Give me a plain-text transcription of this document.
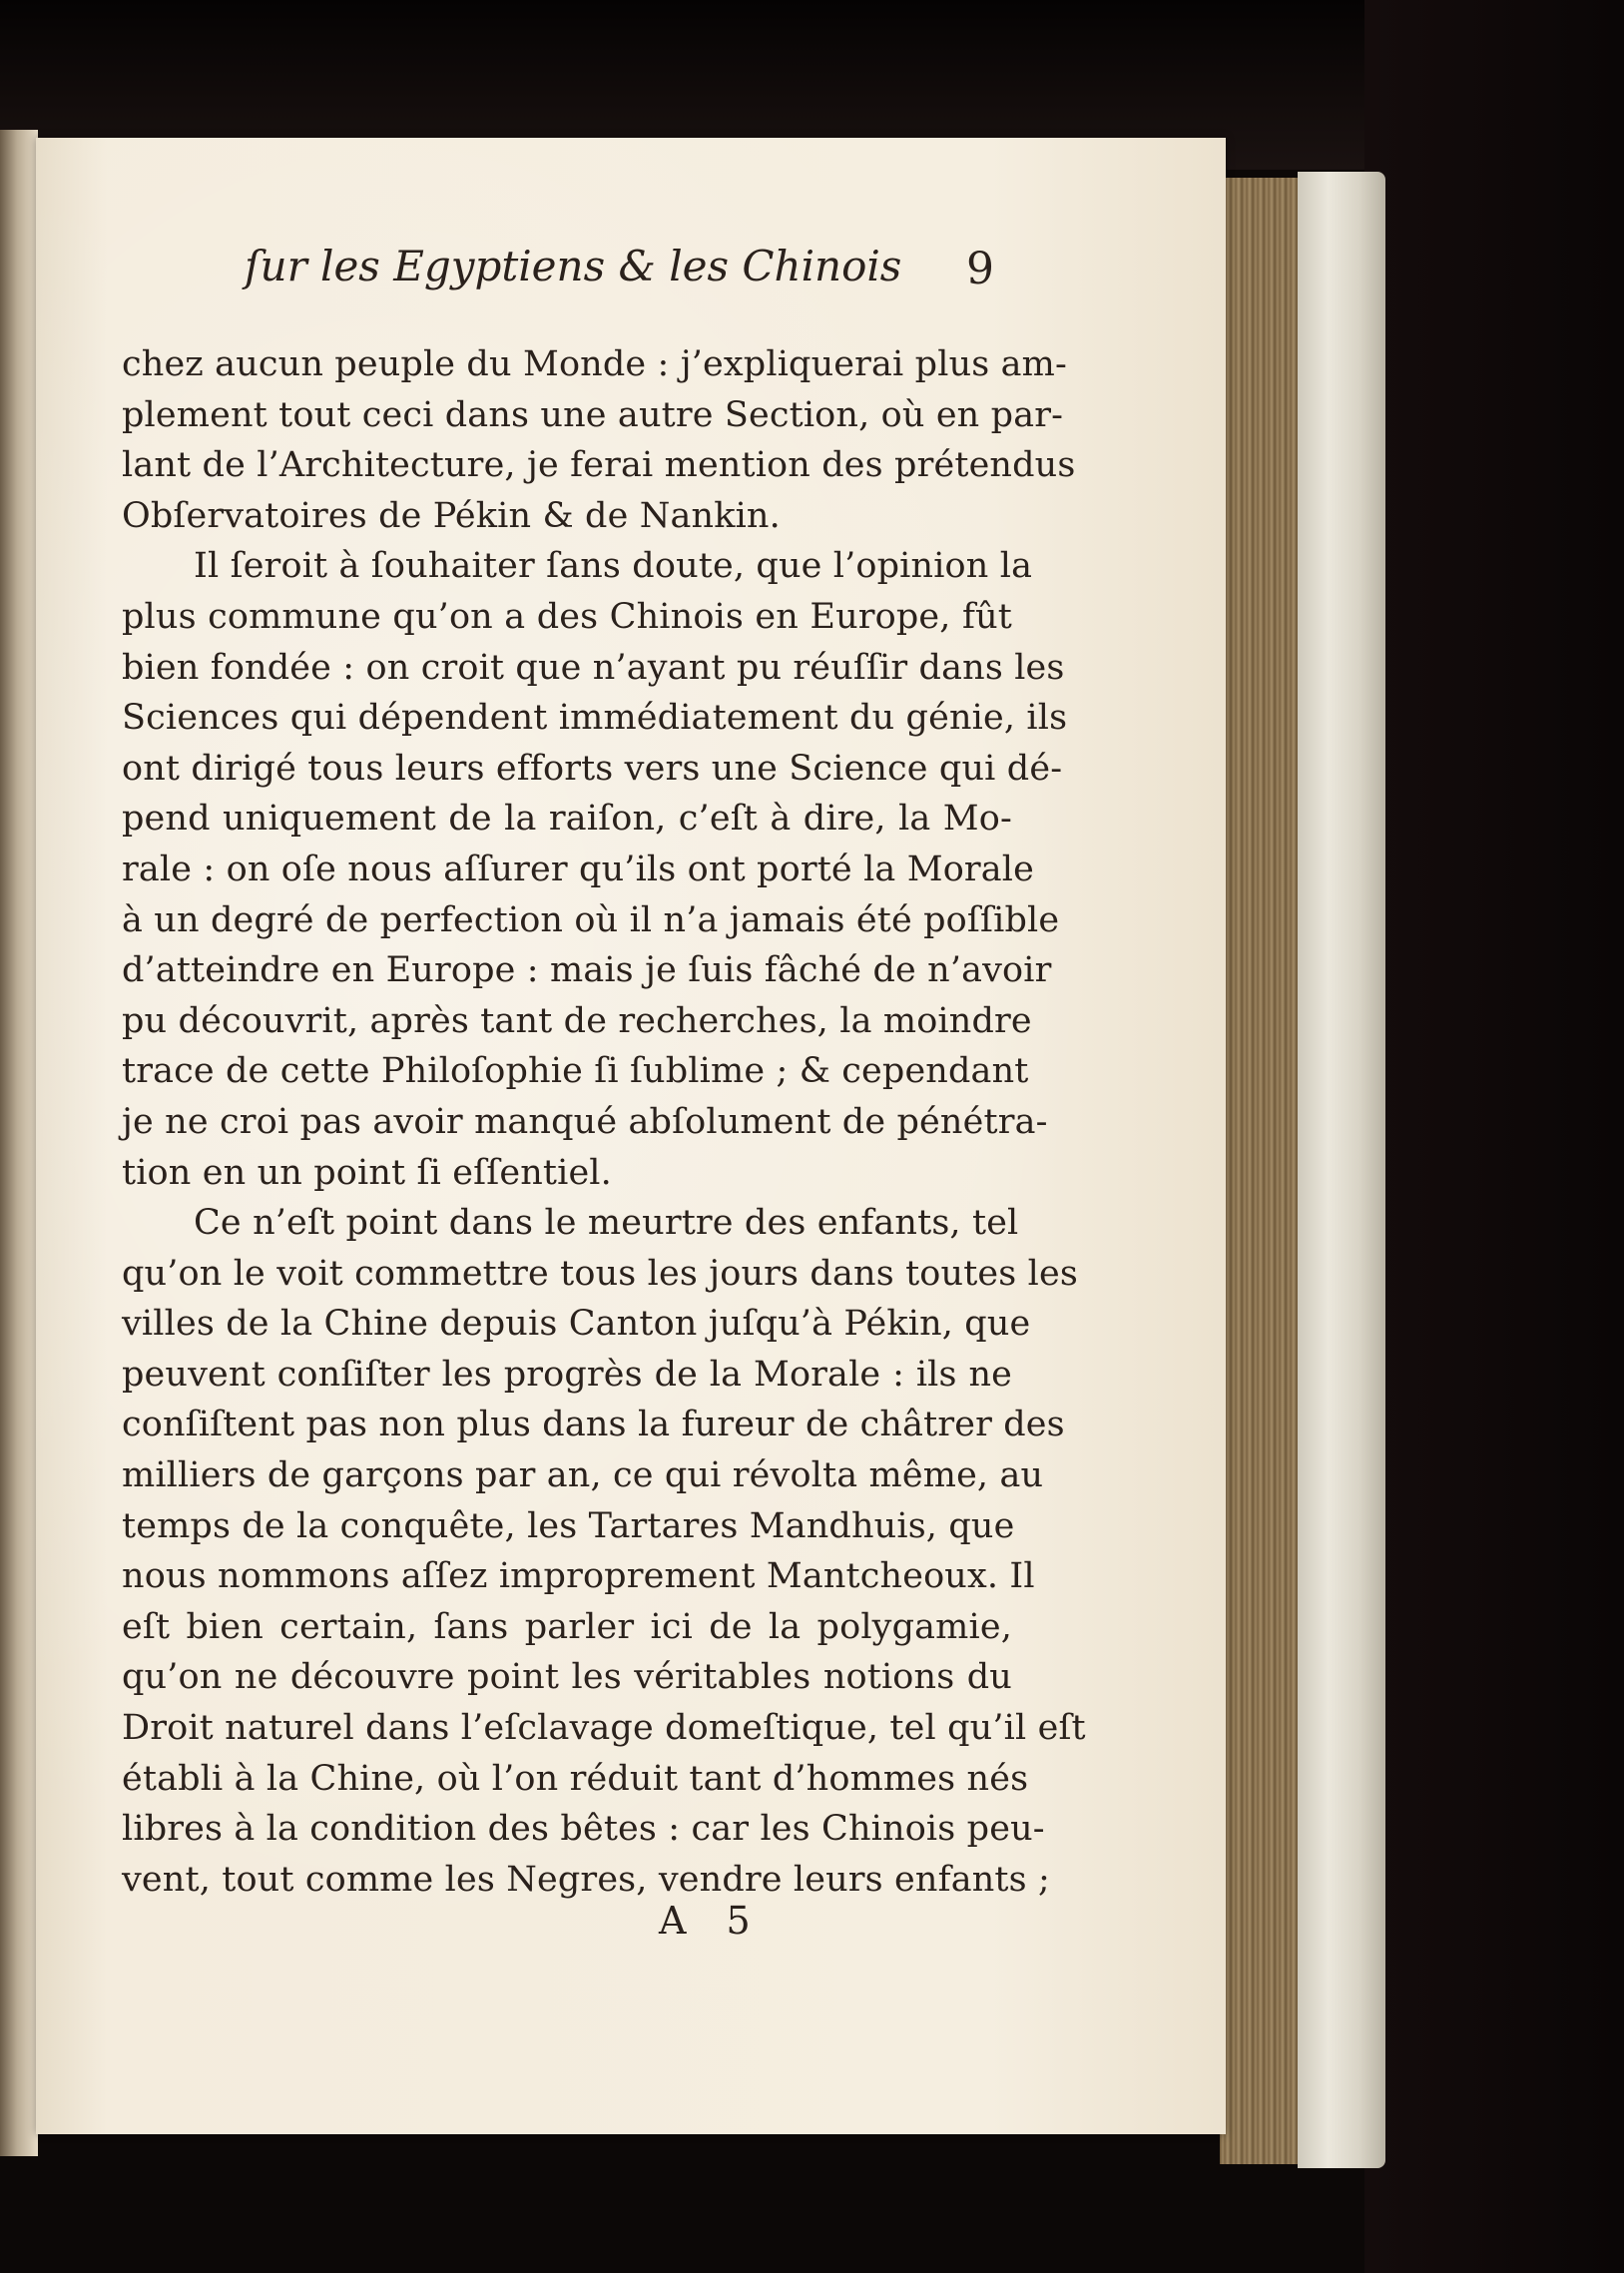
ſur les Egyptiens & les Chinois 9
chez aucun peuple du Monde : j’expliquerai plus am-
plement tout ceci dans une autre Section, où en par-
lant de l’Architecture, je ferai mention des prétendus
Obſervatoires de Pékin & de Nankin.
Il ſeroit à ſouhaiter ſans doute, que l’opinion la
plus commune qu’on a des Chinois en Europe, fût
bien fondée : on croit que n’ayant pu réuſſir dans les
Sciences qui dépendent immédiatement du génie, ils
ont dirigé tous leurs efforts vers une Science qui dé-
pend uniquement de la raiſon, c’eſt à dire, la Mo-
rale : on oſe nous aſſurer qu’ils ont porté la Morale
à un degré de perfection où il n’a jamais été poſſible
d’atteindre en Europe : mais je ſuis fâché de n’avoir
pu découvrit, après tant de recherches, la moindre
trace de cette Philoſophie ſi ſublime ; & cependant
je ne croi pas avoir manqué abſolument de pénétra-
tion en un point ſi eſſentiel.
Ce n’eſt point dans le meurtre des enfants, tel
qu’on le voit commettre tous les jours dans toutes les
villes de la Chine depuis Canton juſqu’à Pékin, que
peuvent conſiſter les progrès de la Morale : ils ne
conſiſtent pas non plus dans la fureur de châtrer des
milliers de garçons par an, ce qui révolta même, au
temps de la conquête, les Tartares Mandhuis, que
nous nommons aſſez improprement Mantcheoux. Il
eſt bien certain, ſans parler ici de la polygamie,
qu’on ne découvre point les véritables notions du
Droit naturel dans l’eſclavage domeſtique, tel qu’il eſt
établi à la Chine, où l’on réduit tant d’hommes nés
libres à la condition des bêtes : car les Chinois peu-
vent, tout comme les Negres, vendre leurs enfants ;
A 5
